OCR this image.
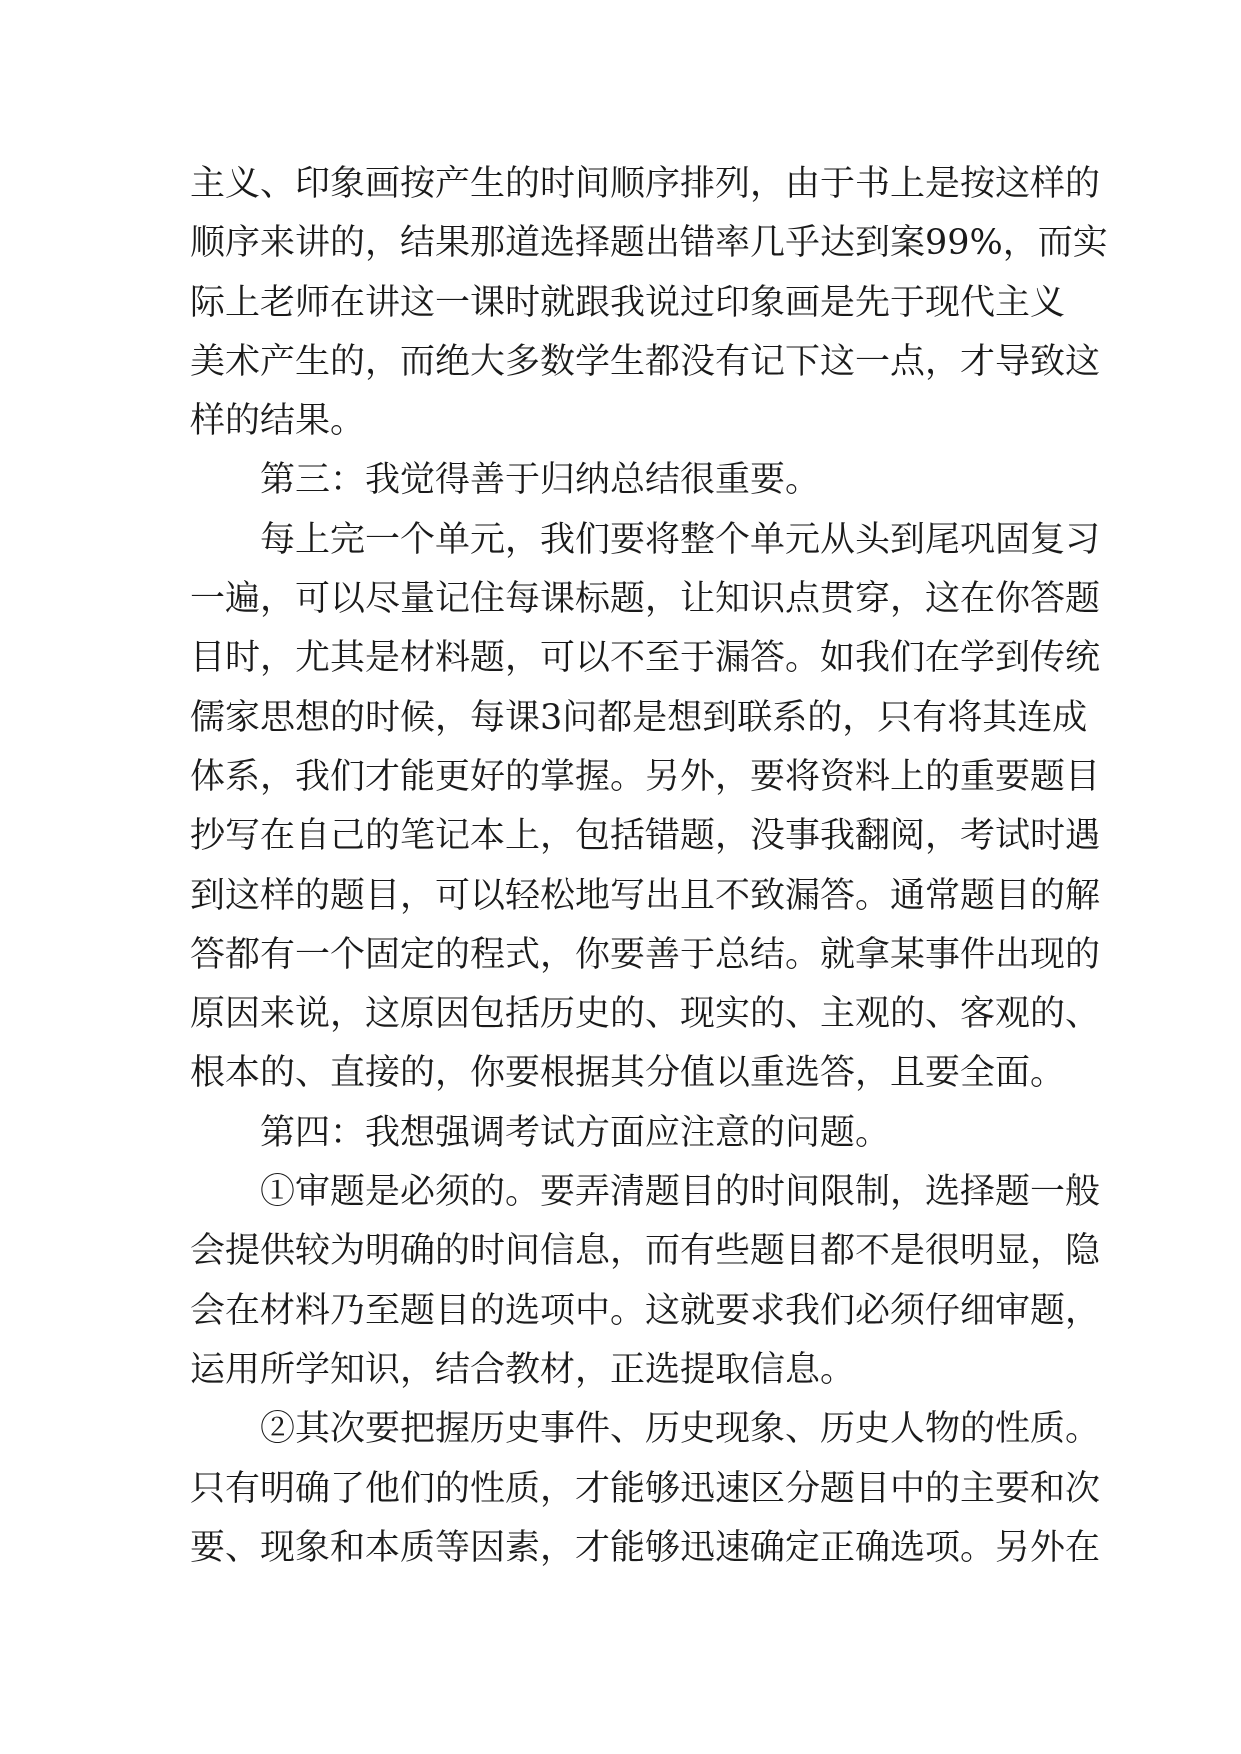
主义、印象画按产生的时间顺序排列，由于书上是按这样的
顺序来讲的，结果那道选择题出错率几乎达到案99%，而实
际上老师在讲这一课时就跟我说过印象画是先于现代主义
美术产生的，而绝大多数学生都没有记下这一点，才导致这
样的结果。
第三：我觉得善于归纳总结很重要。
每上完一个单元，我们要将整个单元从头到尾巩固复习
一遍，可以尽量记住每课标题，让知识点贯穿，这在你答题
目时，尤其是材料题，可以不至于漏答。如我们在学到传统
儒家思想的时候，每课3问都是想到联系的，只有将其连成
体系，我们才能更好的掌握。另外，要将资料上的重要题目
抄写在自己的笔记本上，包括错题，没事我翻阅，考试时遇
到这样的题目，可以轻松地写出且不致漏答。通常题目的解
答都有一个固定的程式，你要善于总结。就拿某事件出现的
原因来说，这原因包括历史的、现实的、主观的、客观的、
根本的、直接的，你要根据其分值以重选答，且要全面。
第四：我想强调考试方面应注意的问题。
①审题是必须的。要弄清题目的时间限制，选择题一般
会提供较为明确的时间信息，而有些题目都不是很明显，隐
会在材料乃至题目的选项中。这就要求我们必须仔细审题，
运用所学知识，结合教材，正选提取信息。
②其次要把握历史事件、历史现象、历史人物的性质。
只有明确了他们的性质，才能够迅速区分题目中的主要和次
要、现象和本质等因素，才能够迅速确定正确选项。另外在
